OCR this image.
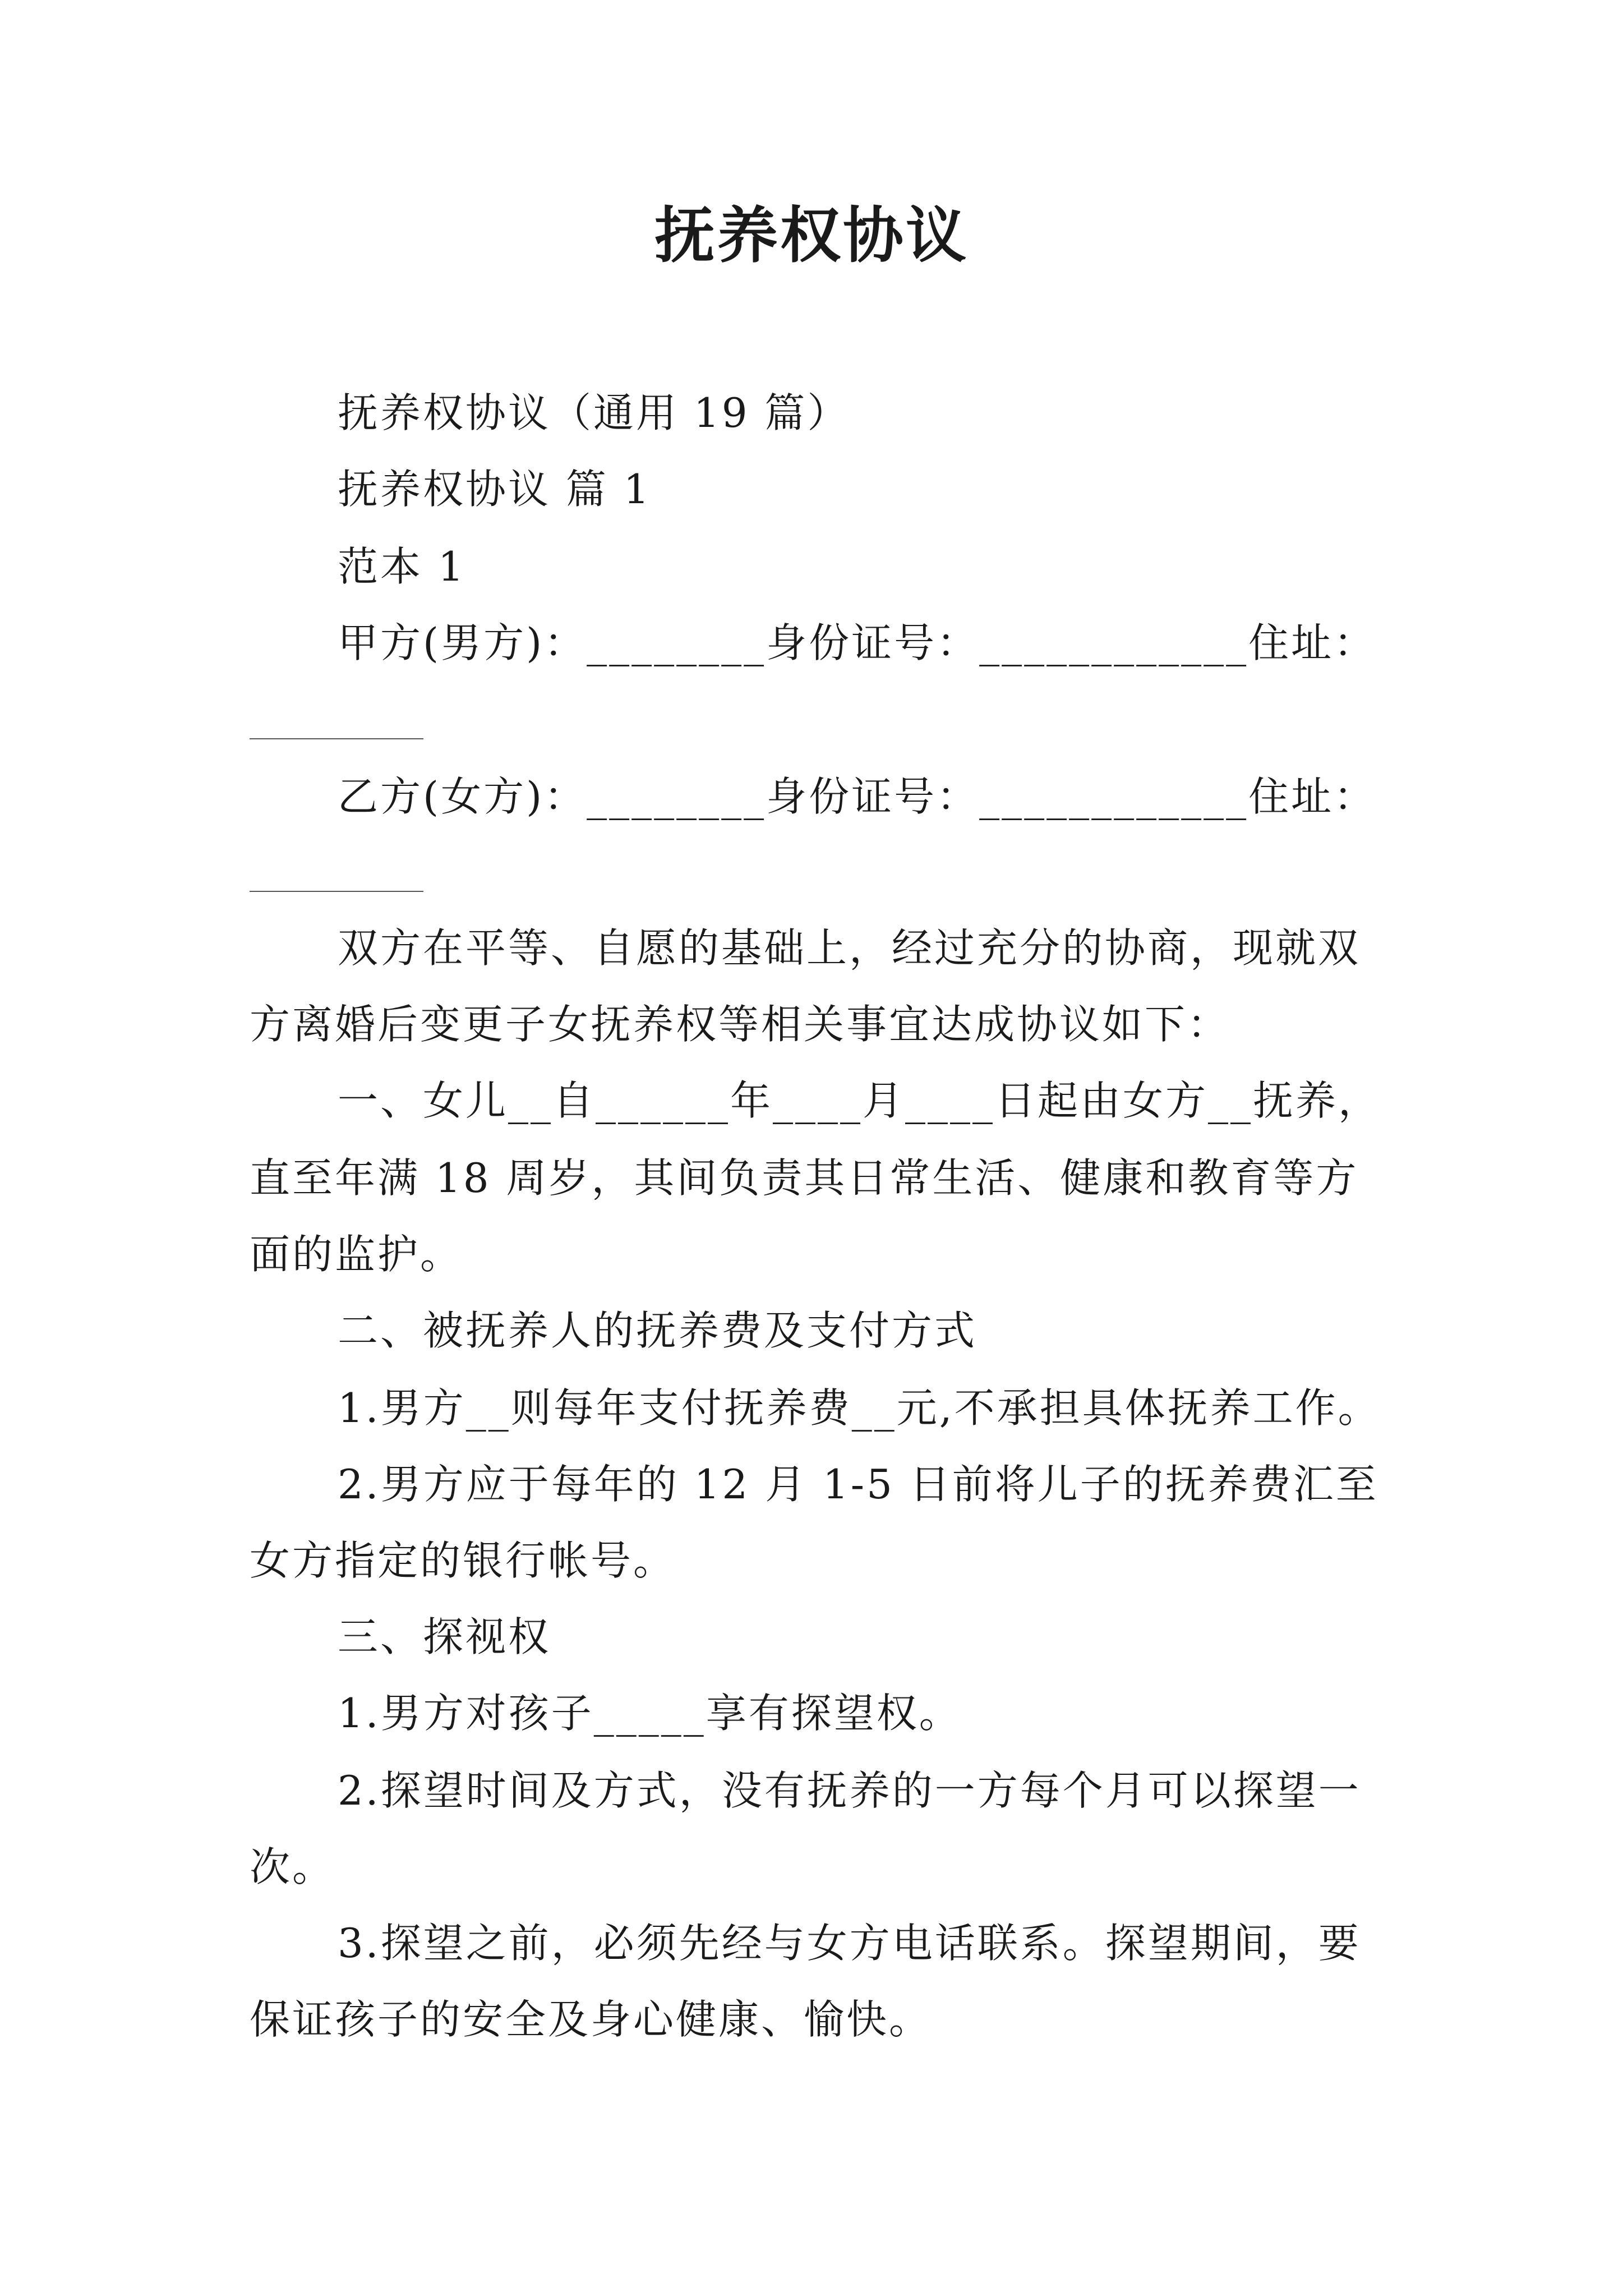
抚养权协议
抚养权协议（通用 19 篇）
抚养权协议 篇 1
范本 1
甲方(男方)：________身份证号：____________住址：
乙方(女方)：________身份证号：____________住址：
双方在平等、自愿的基础上，经过充分的协商，现就双
方离婚后变更子女抚养权等相关事宜达成协议如下：
一、女儿__自______年____月____日起由女方__抚养，
直至年满 18 周岁，其间负责其日常生活、健康和教育等方
面的监护。
二、被抚养人的抚养费及支付方式
1.男方__则每年支付抚养费__元,不承担具体抚养工作。
2.男方应于每年的 12 月 1-5 日前将儿子的抚养费汇至
女方指定的银行帐号。
三、探视权
1.男方对孩子_____享有探望权。
2.探望时间及方式，没有抚养的一方每个月可以探望一
次。
3.探望之前，必须先经与女方电话联系。探望期间，要
保证孩子的安全及身心健康、愉快。
